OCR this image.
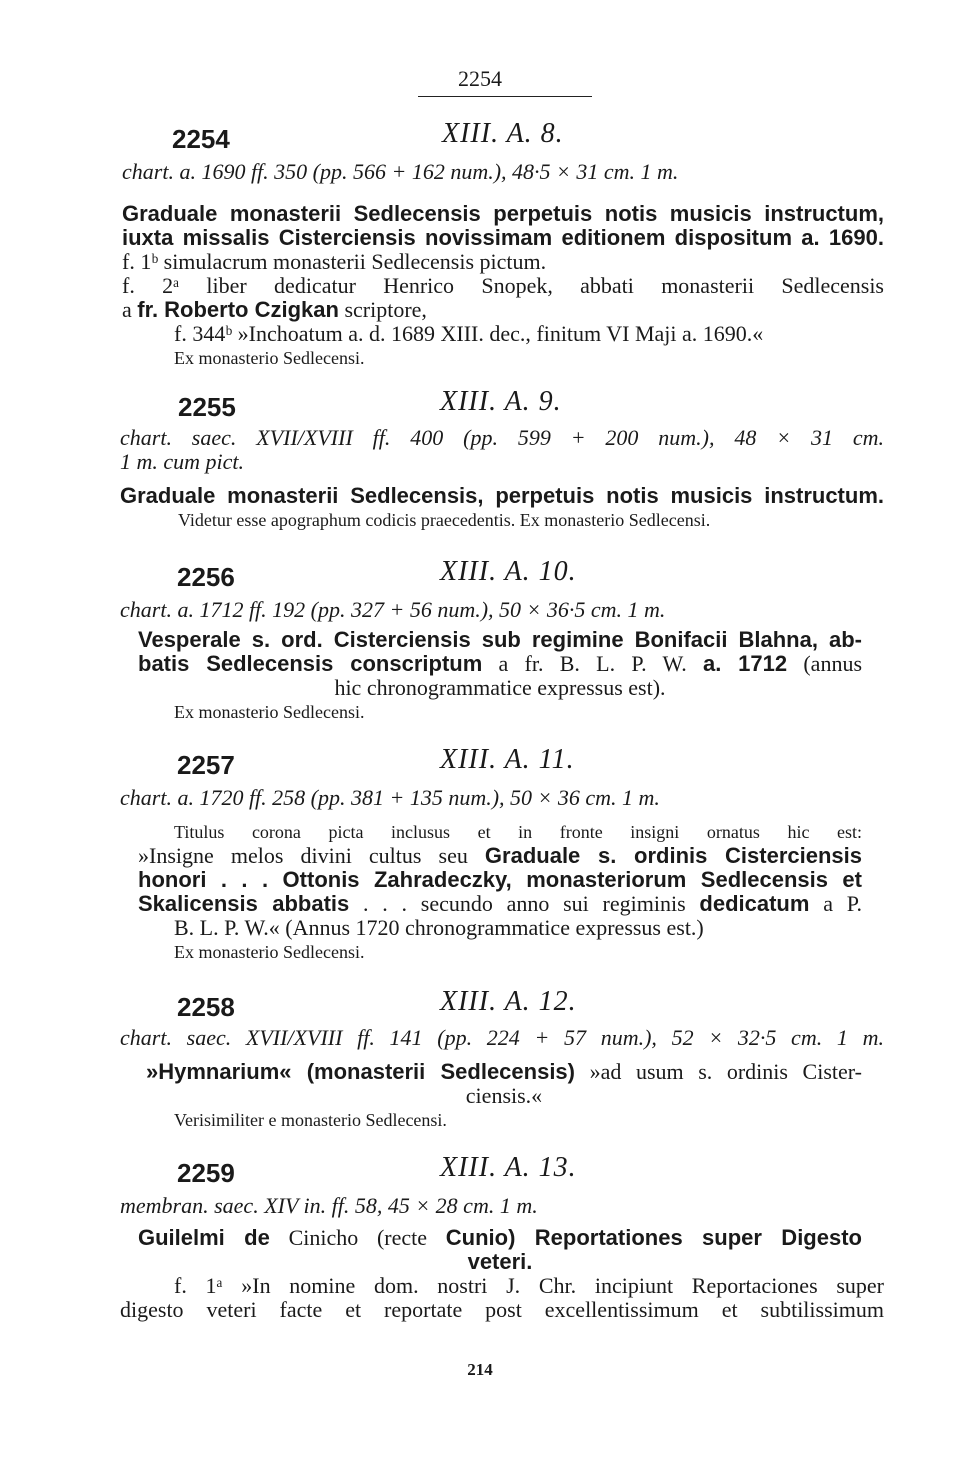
2254
2254	XIII. A. 8.
chart. a. 1690 ff. 350 (pp. 566 + 162 num.), 48·5 × 31 cm. 1 m.
Graduale monasterii Sedlecensis perpetuis notis musicis instructum,
iuxta missalis Cisterciensis novissimam editionem dispositum a. 1690.
f. 1ᵇ simulacrum monasterii Sedlecensis pictum.
f. 2ᵃ liber dedicatur Henrico Snopek, abbati monasterii Sedlecensis
a fr. Roberto Czigkan scriptore,
f. 344ᵇ »Inchoatum a. d. 1689 XIII. dec., finitum VI Maji a. 1690.«
Ex monasterio Sedlecensi.
2255	XIII. A. 9.
chart. saec. XVII/XVIII ff. 400 (pp. 599 + 200 num.), 48 × 31 cm.
1 m. cum pict.
Graduale monasterii Sedlecensis, perpetuis notis musicis instructum.
Videtur esse apographum codicis praecedentis. Ex monasterio Sedlecensi.
2256	XIII. A. 10.
chart. a. 1712 ff. 192 (pp. 327 + 56 num.), 50 × 36·5 cm. 1 m.
Vesperale s. ord. Cisterciensis sub regimine Bonifacii Blahna, ab-
batis Sedlecensis conscriptum a fr. B. L. P. W. a. 1712 (annus
hic chronogrammatice expressus est).
Ex monasterio Sedlecensi.
2257	XIII. A. 11.
chart. a. 1720 ff. 258 (pp. 381 + 135 num.), 50 × 36 cm. 1 m.
Titulus corona picta inclusus et in fronte insigni ornatus hic est:
»Insigne melos divini cultus seu Graduale s. ordinis Cisterciensis
honori . . . Ottonis Zahradeczky, monasteriorum Sedlecensis et
Skalicensis abbatis . . . secundo anno sui regiminis dedicatum a P.
B. L. P. W.« (Annus 1720 chronogrammatice expressus est.)
Ex monasterio Sedlecensi.
2258	XIII. A. 12.
chart. saec. XVII/XVIII ff. 141 (pp. 224 + 57 num.), 52 × 32·5 cm. 1 m.
»Hymnarium« (monasterii Sedlecensis) »ad usum s. ordinis Cister-
ciensis.«
Verisimiliter e monasterio Sedlecensi.
2259	XIII. A. 13.
membran. saec. XIV in. ff. 58, 45 × 28 cm. 1 m.
Guilelmi de Cinicho (recte Cunio) Reportationes super Digesto
veteri.
f. 1ᵃ »In nomine dom. nostri J. Chr. incipiunt Reportaciones super
digesto veteri facte et reportate post excellentissimum et subtilissimum
214
